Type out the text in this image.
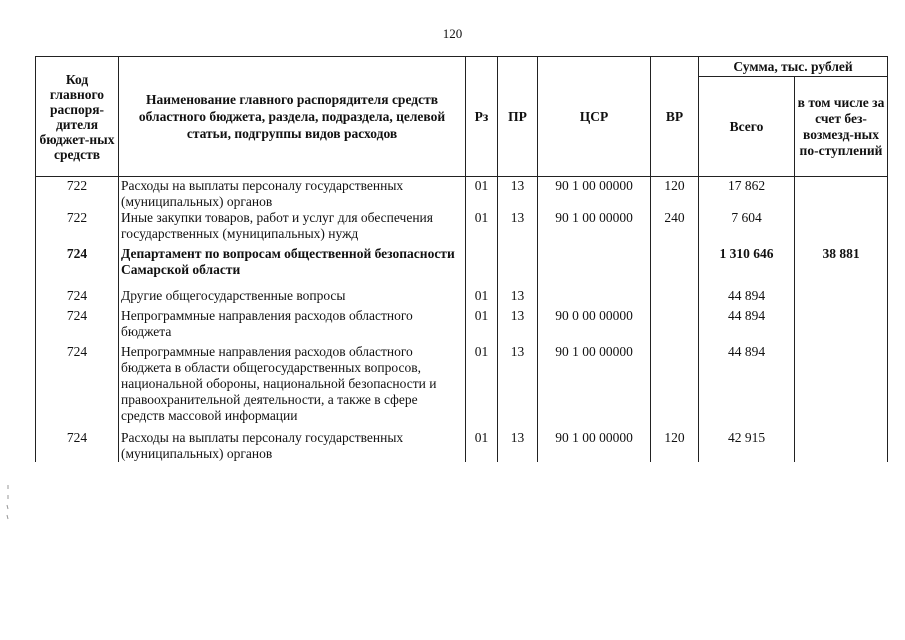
120
Код главного распоря-дителя бюджет-ных средств	Наименование главного распорядителя средств областного бюджета, раздела, подраздела, целевой статьи, подгруппы видов расходов	Рз	ПР	ЦСР	ВР	Сумма, тыс. рублей	
						Всего	в том числе за счет без-возмезд-ных по-ступлений
722	Расходы на выплаты персоналу государственных (муниципальных) органов	01	13	90 1 00 00000	120	17 862	
722	Иные закупки товаров, работ и услуг для обеспечения государственных (муниципальных) нужд	01	13	90 1 00 00000	240	7 604	
724	Департамент по вопросам общественной безопасности Самарской области					1 310 646	38 881
724	Другие общегосударственные вопросы	01	13			44 894	
724	Непрограммные направления расходов областного бюджета	01	13	90 0 00 00000		44 894	
724	Непрограммные направления расходов областного бюджета в области общегосударственных вопросов, национальной обороны, национальной безопасности и правоохранительной деятельности, а также в сфере средств массовой информации	01	13	90 1 00 00000		44 894	
724	Расходы на выплаты персоналу государственных (муниципальных) органов	01	13	90 1 00 00000	120	42 915	
